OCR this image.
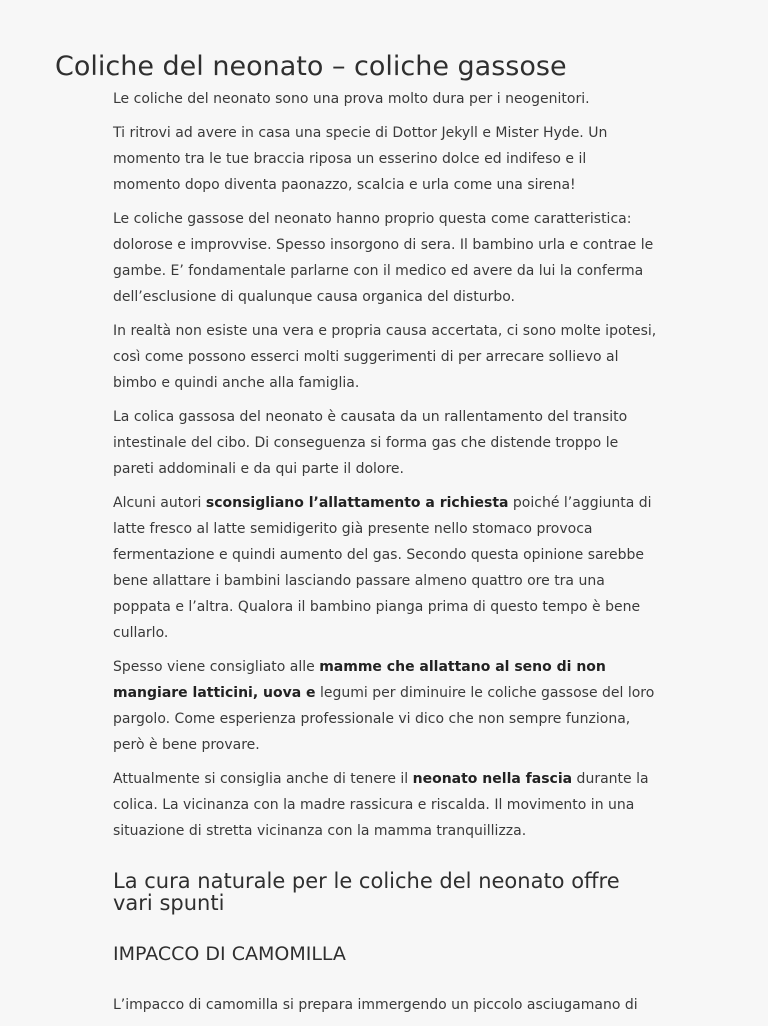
Coliche del neonato – coliche gassose

Le coliche del neonato sono una prova molto dura per i neogenitori.

Ti ritrovi ad avere in casa una specie di Dottor Jekyll e Mister Hyde. Un momento tra le tue braccia riposa un esserino dolce ed indifeso e il momento dopo diventa paonazzo, scalcia e urla come una sirena!

Le coliche gassose del neonato hanno proprio questa come caratteristica: dolorose e improvvise. Spesso insorgono di sera. Il bambino urla e contrae le gambe. E’ fondamentale parlarne con il medico ed avere da lui la conferma dell’esclusione di qualunque causa organica del disturbo.

In realtà non esiste una vera e propria causa accertata, ci sono molte ipotesi, così come possono esserci molti suggerimenti di per arrecare sollievo al bimbo e quindi anche alla famiglia.

La colica gassosa del neonato è causata da un rallentamento del transito intestinale del cibo. Di conseguenza si forma gas che distende troppo le pareti addominali e da qui parte il dolore.

Alcuni autori sconsigliano l’allattamento a richiesta poiché l’aggiunta di latte fresco al latte semidigerito già presente nello stomaco provoca fermentazione e quindi aumento del gas. Secondo questa opinione sarebbe bene allattare i bambini lasciando passare almeno quattro ore tra una poppata e l’altra. Qualora il bambino pianga prima di questo tempo è bene cullarlo.

Spesso viene consigliato alle mamme che allattano al seno di non mangiare latticini, uova e legumi per diminuire le coliche gassose del loro pargolo. Come esperienza professionale vi dico che non sempre funziona, però è bene provare.

Attualmente si consiglia anche di tenere il neonato nella fascia durante la colica. La vicinanza con la madre rassicura e riscalda. Il movimento in una situazione di stretta vicinanza con la mamma tranquillizza.

La cura naturale per le coliche del neonato offre vari spunti
IMPACCO DI CAMOMILLA

L’impacco di camomilla si prepara immergendo un piccolo asciugamano di
